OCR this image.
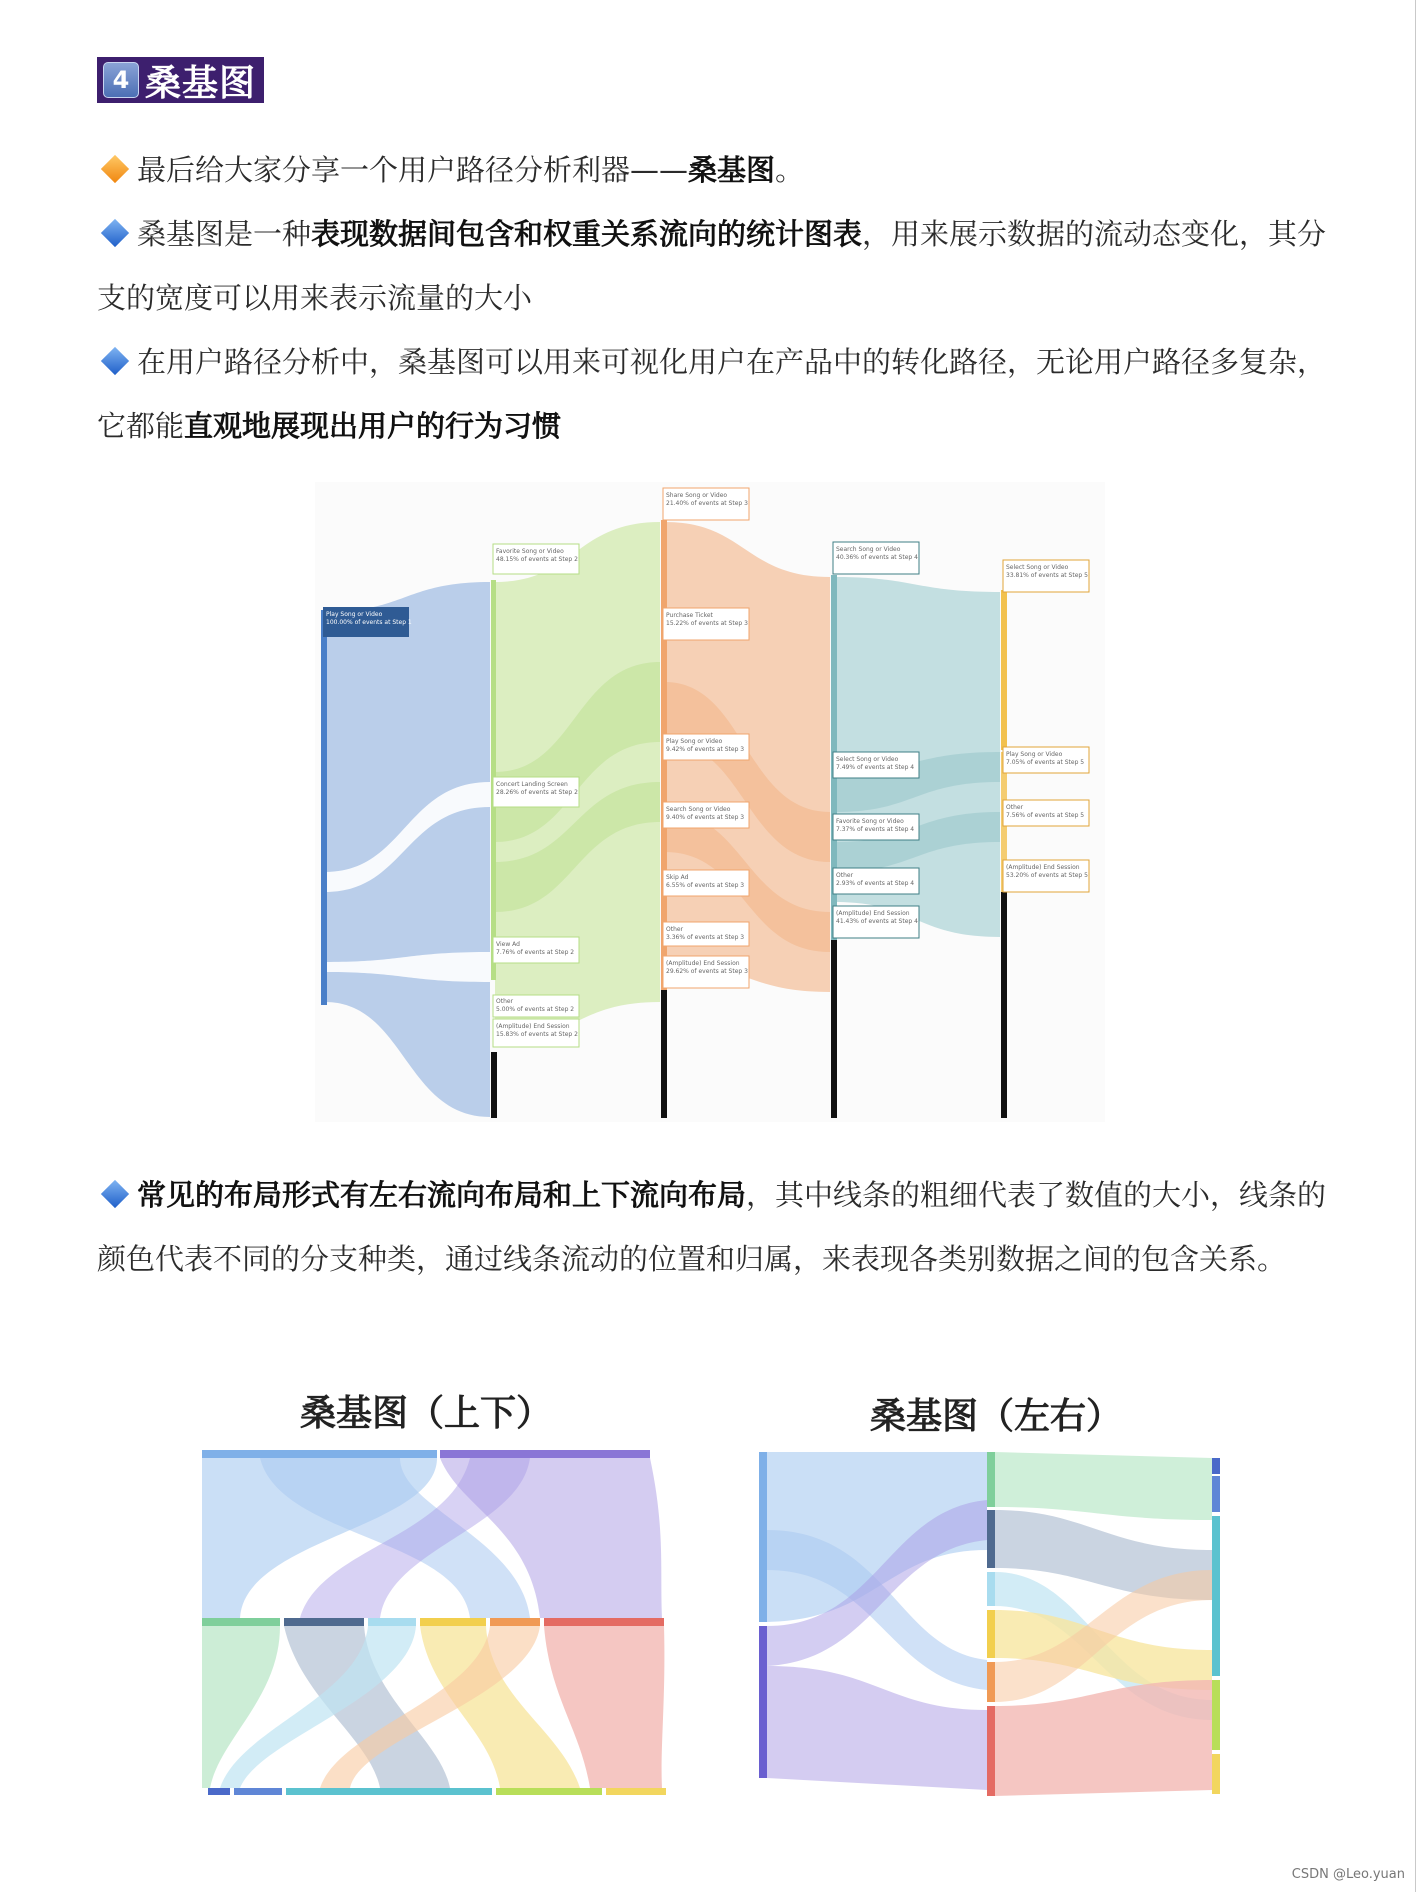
4 桑基图
最后给大家分享一个用户路径分析利器——桑基图。
桑基图是一种表现数据间包含和权重关系流向的统计图表，用来展示数据的流动态变化，其分支的宽度可以用来表示流量的大小
在用户路径分析中，桑基图可以用来可视化用户在产品中的转化路径，无论用户路径多复杂，它都能直观地展现出用户的行为习惯
Play Song or Video
100.00% of events at Step 1
Favorite Song or Video
48.15% of events at Step 2
Concert Landing Screen
28.26% of events at Step 2
View Ad
7.76% of events at Step 2
Other
5.00% of events at Step 2
(Amplitude) End Session
15.83% of events at Step 2
Share Song or Video
21.40% of events at Step 3
Purchase Ticket
15.22% of events at Step 3
Play Song or Video
9.42% of events at Step 3
Search Song or Video
9.40% of events at Step 3
Skip Ad
6.55% of events at Step 3
Other
3.36% of events at Step 3
(Amplitude) End Session
29.62% of events at Step 3
Search Song or Video
40.36% of events at Step 4
Select Song or Video
7.49% of events at Step 4
Favorite Song or Video
7.37% of events at Step 4
Other
2.93% of events at Step 4
(Amplitude) End Session
41.43% of events at Step 4
Select Song or Video
33.81% of events at Step 5
Play Song or Video
7.05% of events at Step 5
Other
7.56% of events at Step 5
(Amplitude) End Session
53.20% of events at Step 5
常见的布局形式有左右流向布局和上下流向布局，其中线条的粗细代表了数值的大小，线条的颜色代表不同的分支种类，通过线条流动的位置和归属，来表现各类别数据之间的包含关系。
桑基图（上下）	桑基图（左右）
CSDN @Leo.yuan
